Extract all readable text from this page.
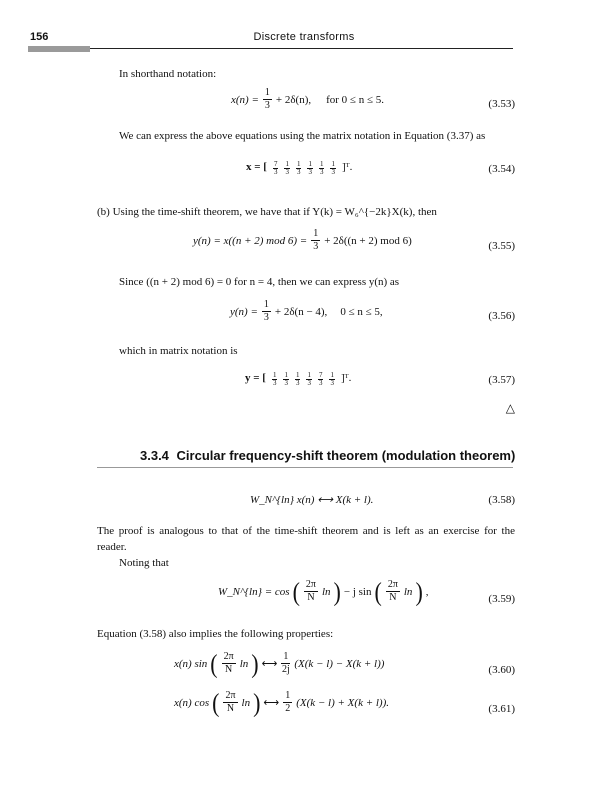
156	Discrete transforms
In shorthand notation:
$x(n) = \frac{1}{3} + 2\delta(n)$, for 0 ≤ n ≤ 5.	(3.53)
We can express the above equations using the matrix notation in Equation (3.37) as
x = [ $\frac{7}{3} \frac{1}{3} \frac{1}{3} \frac{1}{3} \frac{1}{3} \frac{1}{3}$ ]ᵀ.	(3.54)
(b) Using the time-shift theorem, we have that if Y(k) = W₆^{−2k}X(k), then
y(n) = x((n + 2) mod $6) = \frac{1}{3} + 2\delta((n + 2)$ mod 6)	(3.55)
Since ((n + 2) mod 6) = 0 for n = 4, then we can express y(n) as
$y(n) = \frac{1}{3} + 2\delta(n - 4)$, 0 ≤ n ≤ 5,	(3.56)
which in matrix notation is
y = [ $\frac{1}{3} \frac{1}{3} \frac{1}{3} \frac{1}{3} \frac{7}{3} \frac{1}{3}$ ]ᵀ.	(3.57)
△
3.3.4 Circular frequency-shift theorem (modulation theorem)
W_N^{ln} x(n) ⟷ X(k + l).	(3.58)
The proof is analogous to that of the time-shift theorem and is left as an exercise for the reader.
Noting that
W_N^{ln} = cos ( $\frac{2\pi}{N}$ ln ) − j sin ( $\frac{2\pi}{N}$ ln ) ,
(3.59)
Equation (3.58) also implies the following properties:
x(n) sin ( $\frac{2\pi}{N}$ ln ) ⟷ $\frac{1}{2j} (X(k - l) - X(k + l))$
(3.60)
x(n) cos ( $\frac{2\pi}{N}$ ln ) ⟷ $\frac{1}{2} (X(k - l) + X(k + l))$.
(3.61)
